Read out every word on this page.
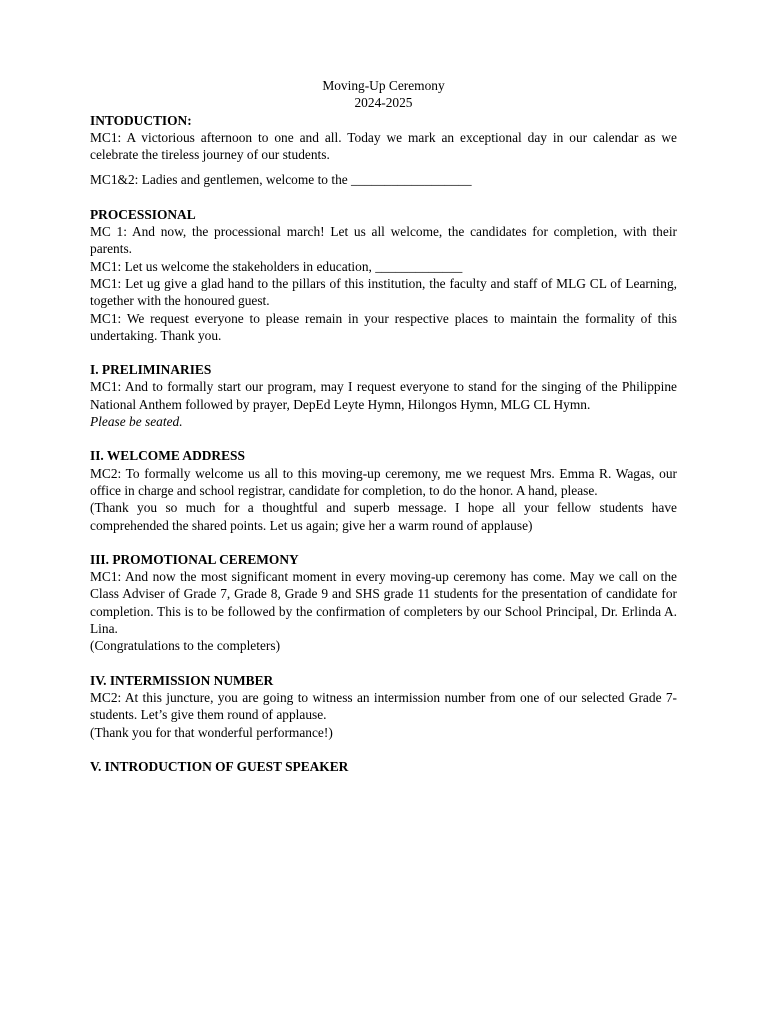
Moving-Up Ceremony

2024-2025

INTODUCTION:

MC1: A victorious afternoon to one and all. Today we mark an exceptional day in our calendar as we celebrate the tireless journey of our students.

MC1&2: Ladies and gentlemen, welcome to the __________________

PROCESSIONAL

MC 1: And now, the processional march! Let us all welcome, the candidates for completion, with their parents.

MC1: Let us welcome the stakeholders in education, _____________

MC1: Let ug give a glad hand to the pillars of this institution, the faculty and staff of MLG CL of Learning, together with the honoured guest.

MC1: We request everyone to please remain in your respective places to maintain the formality of this undertaking. Thank you.

I. PRELIMINARIES

MC1: And to formally start our program, may I request everyone to stand for the singing of the Philippine National Anthem followed by prayer, DepEd Leyte Hymn, Hilongos Hymn, MLG CL Hymn.

Please be seated.

II. WELCOME ADDRESS

MC2: To formally welcome us all to this moving-up ceremony, me we request Mrs. Emma R. Wagas, our office in charge and school registrar, candidate for completion, to do the honor. A hand, please.

(Thank you so much for a thoughtful and superb message. I hope all your fellow students have comprehended the shared points. Let us again; give her a warm round of applause)

III. PROMOTIONAL CEREMONY

MC1: And now the most significant moment in every moving-up ceremony has come. May we call on the Class Adviser of Grade 7, Grade 8, Grade 9 and SHS grade 11 students for the presentation of candidate for completion. This is to be followed by the confirmation of completers by our School Principal, Dr. Erlinda A. Lina.

(Congratulations to the completers)

IV. INTERMISSION NUMBER

MC2: At this juncture, you are going to witness an intermission number from one of our selected Grade 7- students. Let’s give them round of applause.

(Thank you for that wonderful performance!)

V. INTRODUCTION OF GUEST SPEAKER
